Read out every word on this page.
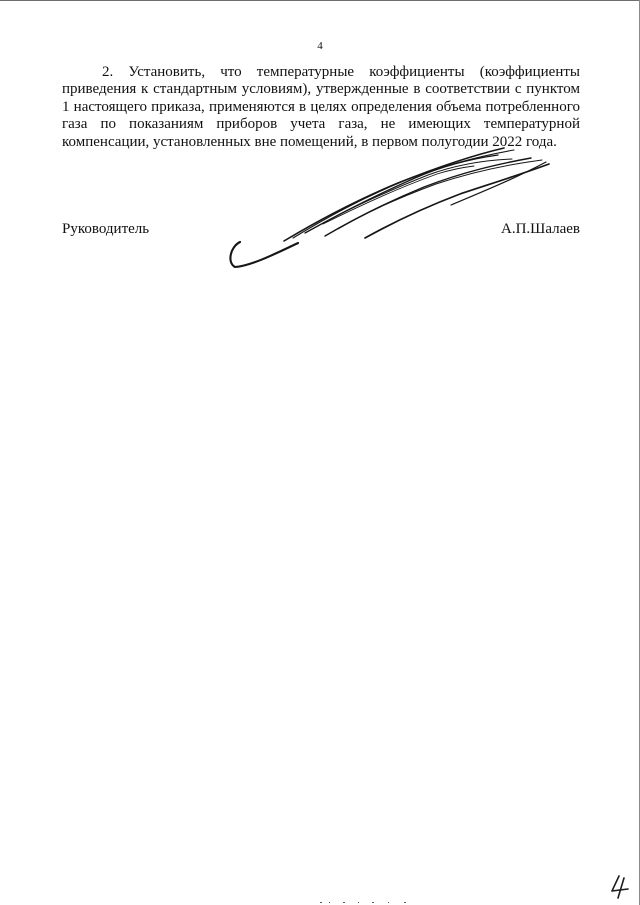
4

2. Установить, что температурные коэффициенты (коэффициенты приведения к стандартным условиям), утвержденные в соответствии с пунктом 1 настоящего приказа, применяются в целях определения объема потребленного газа по показаниям приборов учета газа, не имеющих температурной компенсации, установленных вне помещений, в первом полугодии 2022 года.

Руководитель	А.П.Шалаев
